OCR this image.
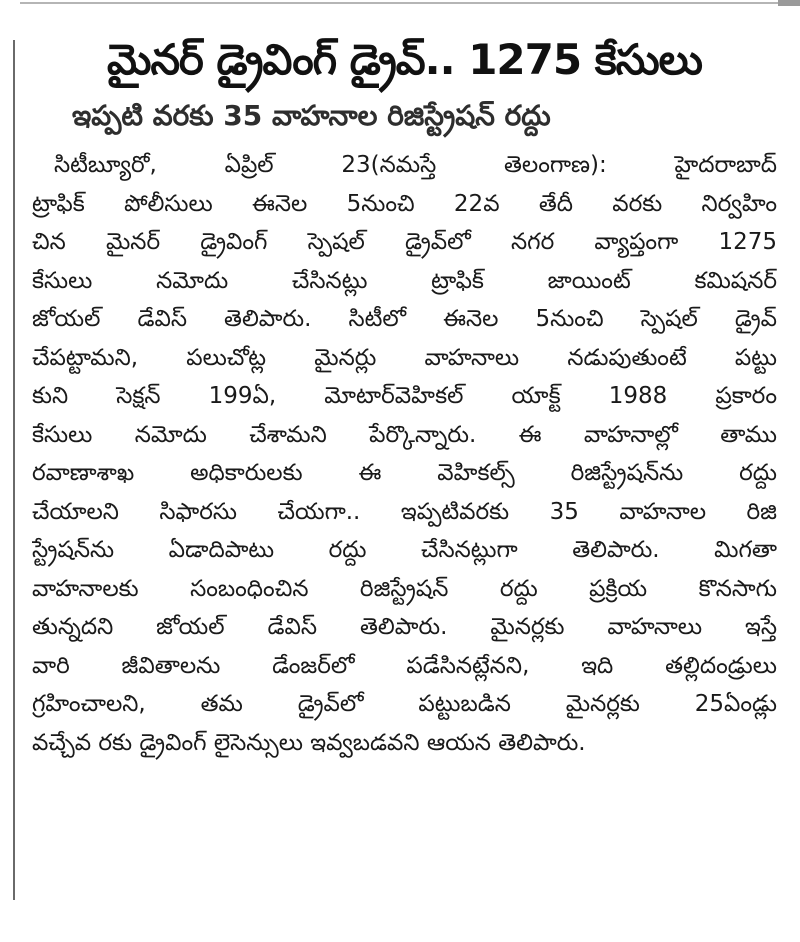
మైనర్ డ్రైవింగ్ డ్రైవ్.. 1275 కేసులు
ఇప్పటి వరకు 35 వాహనాల రిజిస్ట్రేషన్ రద్దు
సిటీబ్యూరో, ఏప్రిల్ 23(నమస్తే తెలంగాణ): హైదరాబాద్
ట్రాఫిక్ పోలీసులు ఈనెల 5నుంచి 22వ తేదీ వరకు నిర్వహిం
చిన మైనర్ డ్రైవింగ్ స్పెషల్ డ్రైవ్‌లో నగర వ్యాప్తంగా 1275
కేసులు నమోదు చేసినట్లు ట్రాఫిక్ జాయింట్ కమిషనర్
జోయల్ డేవిస్ తెలిపారు. సిటీలో ఈనెల 5నుంచి స్పెషల్ డ్రైవ్
చేపట్టామని, పలుచోట్ల మైనర్లు వాహనాలు నడుపుతుంటే పట్టు
కుని సెక్షన్ 199ఏ, మోటార్‌వెహికల్ యాక్ట్ 1988 ప్రకారం
కేసులు నమోదు చేశామని పేర్కొన్నారు. ఈ వాహనాల్లో తాము
రవాణాశాఖ అధికారులకు ఈ వెహికల్స్ రిజిస్ట్రేషన్‌ను రద్దు
చేయాలని సిఫారసు చేయగా.. ఇప్పటివరకు 35 వాహనాల రిజి
స్ట్రేషన్‌ను ఏడాదిపాటు రద్దు చేసినట్లుగా తెలిపారు. మిగతా
వాహనాలకు సంబంధించిన రిజిస్ట్రేషన్ రద్దు ప్రక్రియ కొనసాగు
తున్నదని జోయల్ డేవిస్ తెలిపారు. మైనర్లకు వాహనాలు ఇస్తే
వారి జీవితాలను డేంజర్‌లో పడేసినట్లేనని, ఇది తల్లిదండ్రులు
గ్రహించాలని, తమ డ్రైవ్‌లో పట్టుబడిన మైనర్లకు 25ఏండ్లు
వచ్చేవ రకు డ్రైవింగ్ లైసెన్సులు ఇవ్వబడవని ఆయన తెలిపారు.
